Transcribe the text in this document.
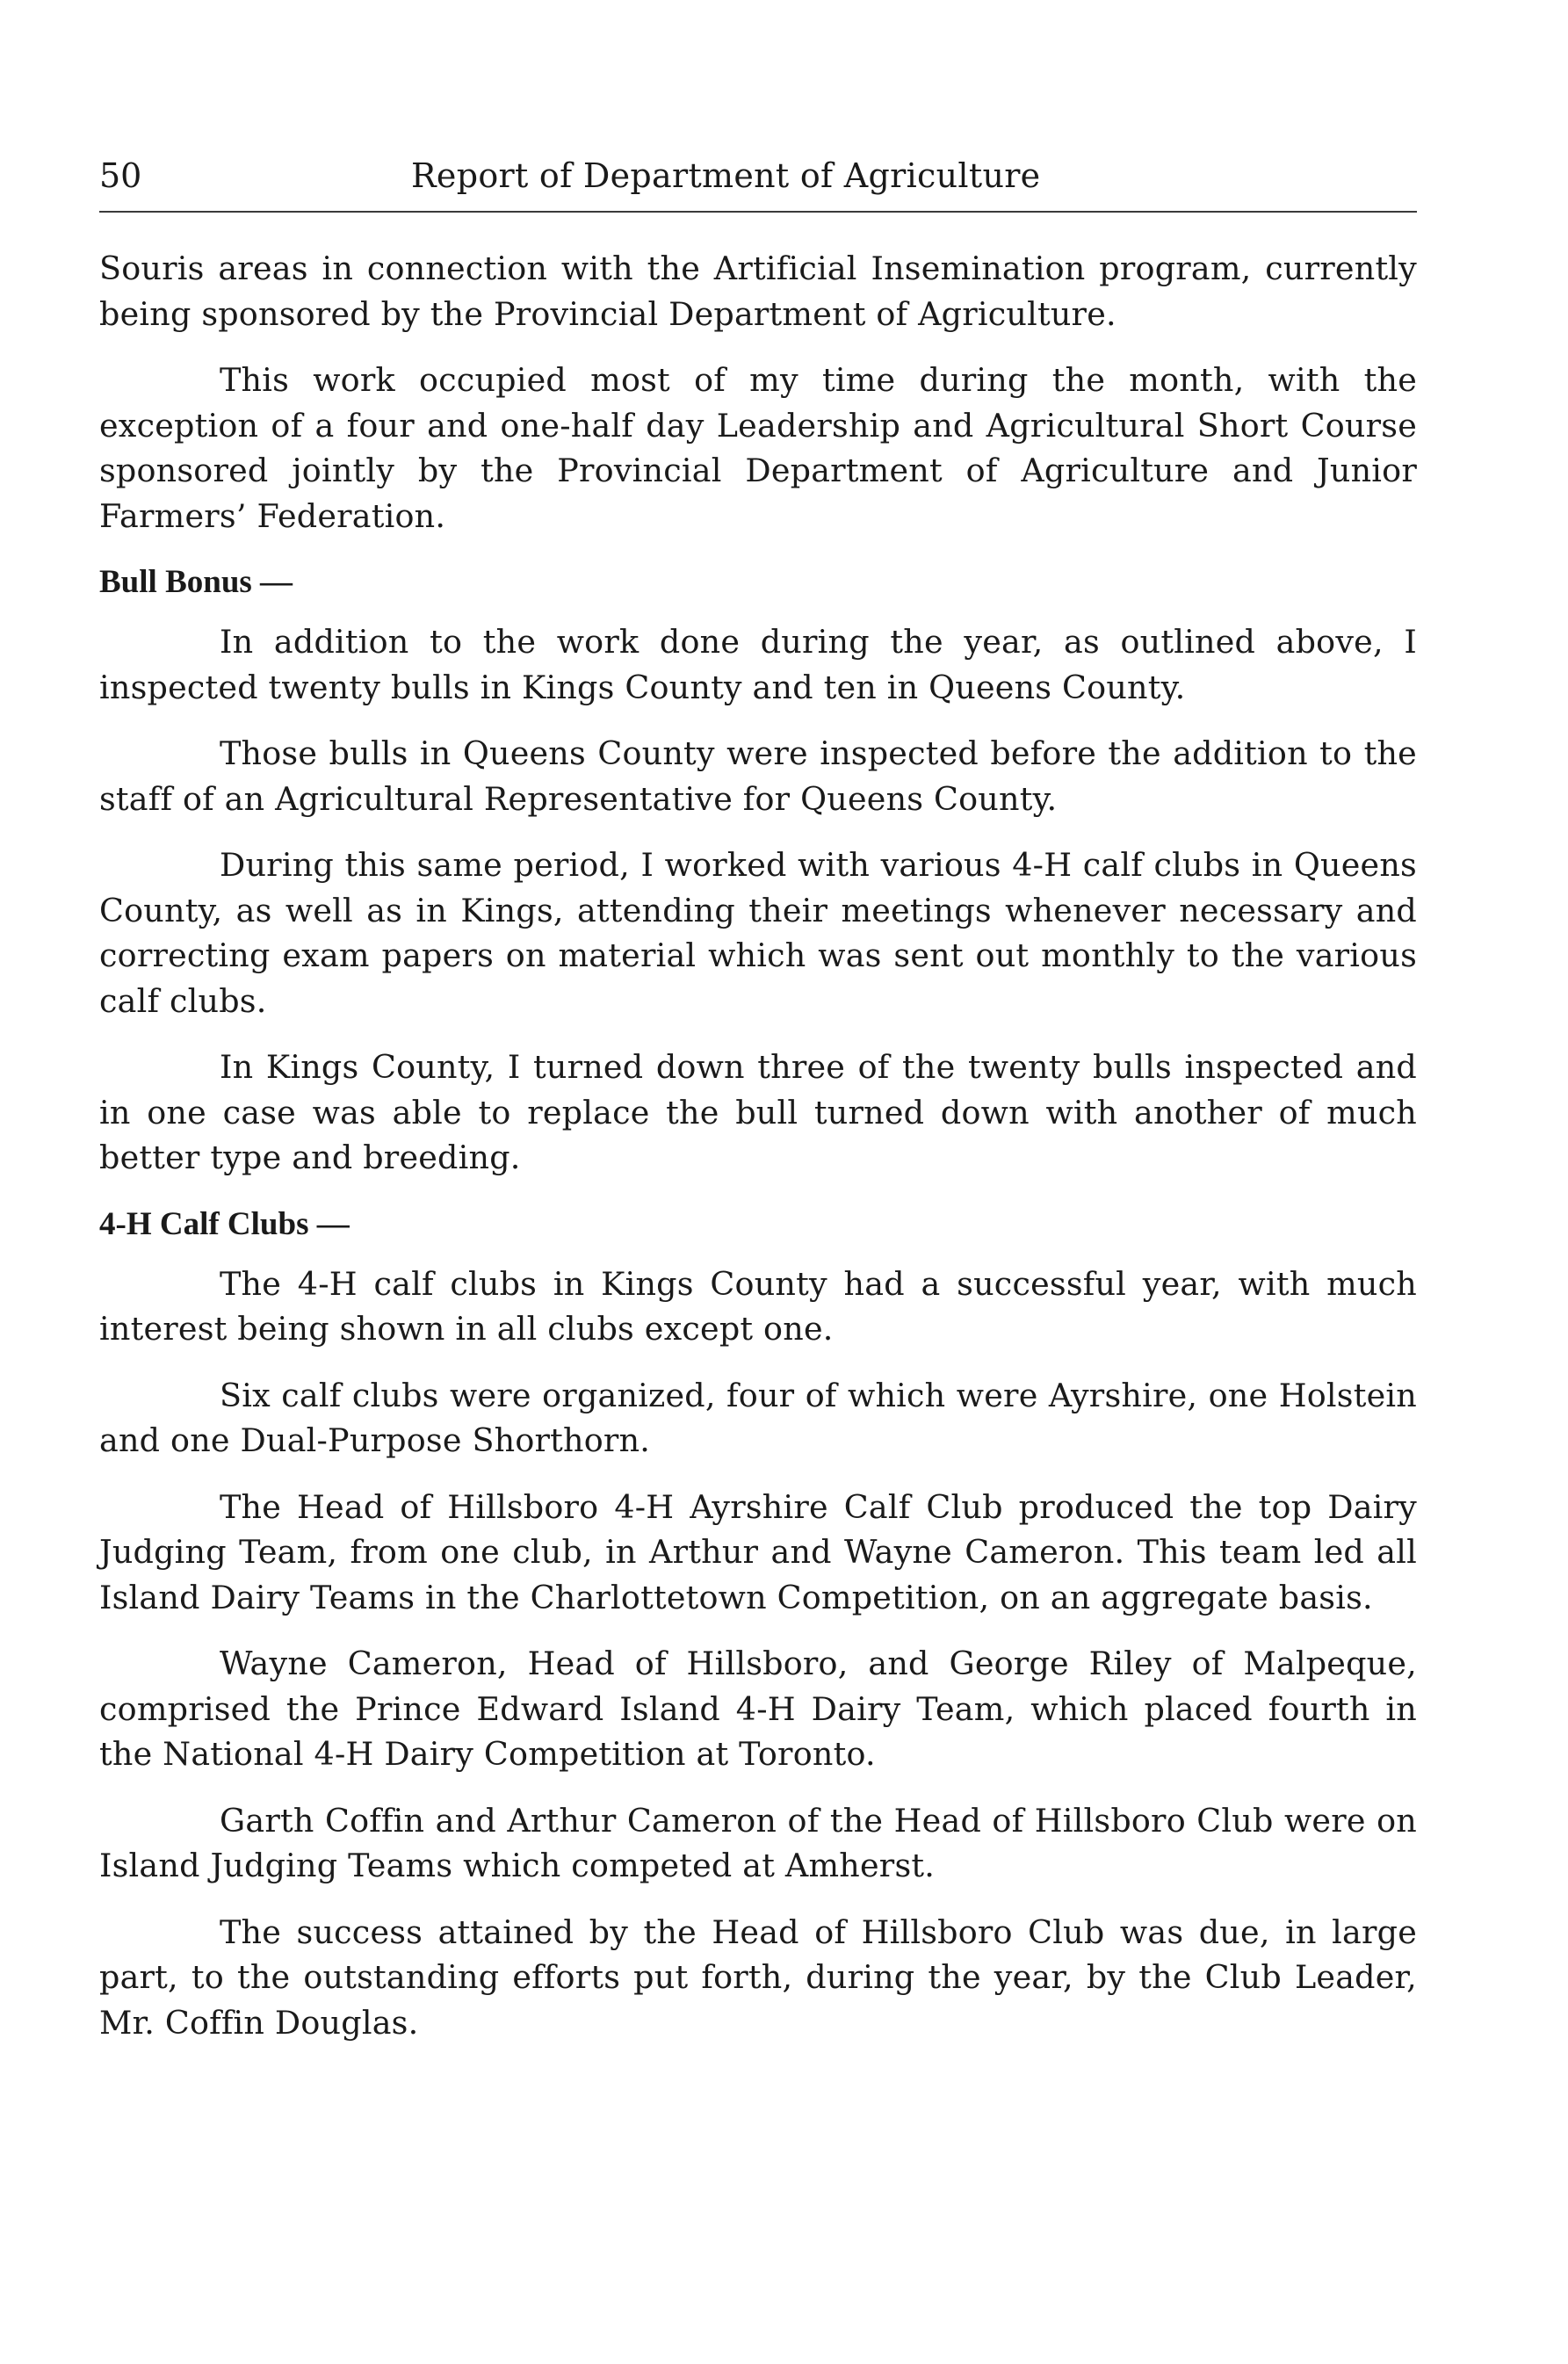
50	Report of Department of Agriculture

Souris areas in connection with the Artificial Insemination program, currently being sponsored by the Provincial Department of Agriculture.

This work occupied most of my time during the month, with the exception of a four and one-half day Leadership and Agricultural Short Course sponsored jointly by the Provincial Department of Agriculture and Junior Farmers’ Federation.

Bull Bonus —

In addition to the work done during the year, as outlined above, I inspected twenty bulls in Kings County and ten in Queens County.

Those bulls in Queens County were inspected before the addition to the staff of an Agricultural Representative for Queens County.

During this same period, I worked with various 4-H calf clubs in Queens County, as well as in Kings, attending their meetings whenever necessary and correcting exam papers on material which was sent out monthly to the various calf clubs.

In Kings County, I turned down three of the twenty bulls inspected and in one case was able to replace the bull turned down with another of much better type and breeding.

4-H Calf Clubs —

The 4-H calf clubs in Kings County had a successful year, with much interest being shown in all clubs except one.

Six calf clubs were organized, four of which were Ayrshire, one Holstein and one Dual-Purpose Shorthorn.

The Head of Hillsboro 4-H Ayrshire Calf Club produced the top Dairy Judging Team, from one club, in Arthur and Wayne Cameron. This team led all Island Dairy Teams in the Charlottetown Competition, on an aggregate basis.

Wayne Cameron, Head of Hillsboro, and George Riley of Malpeque, comprised the Prince Edward Island 4-H Dairy Team, which placed fourth in the National 4-H Dairy Competition at Toronto.

Garth Coffin and Arthur Cameron of the Head of Hillsboro Club were on Island Judging Teams which competed at Amherst.

The success attained by the Head of Hillsboro Club was due, in large part, to the outstanding efforts put forth, during the year, by the Club Leader, Mr. Coffin Douglas.
